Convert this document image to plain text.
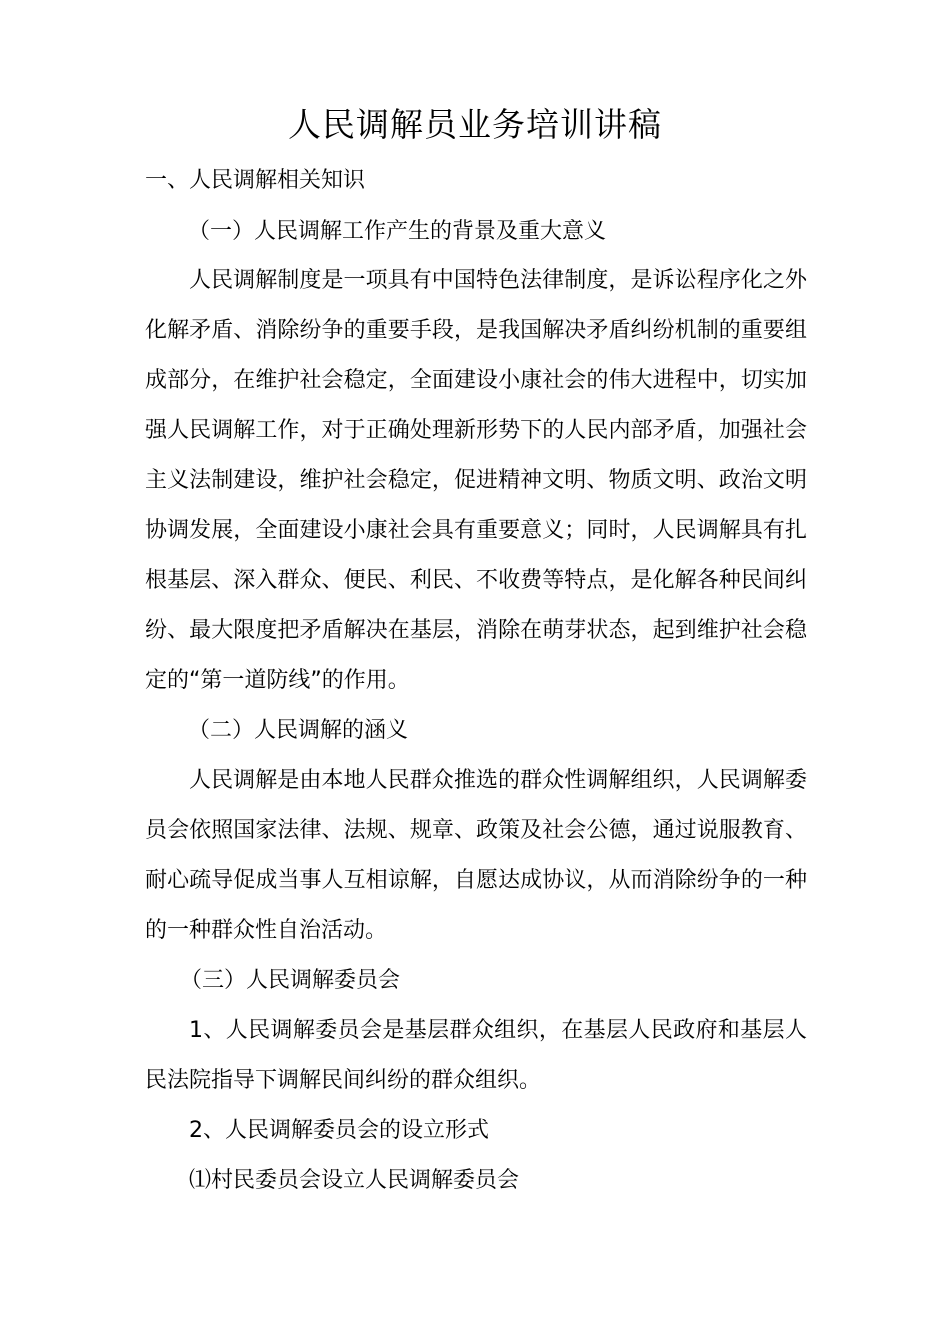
人民调解员业务培训讲稿
一、人民调解相关知识
（一）人民调解工作产生的背景及重大意义
人民调解制度是一项具有中国特色法律制度，是诉讼程序化之外
化解矛盾、消除纷争的重要手段，是我国解决矛盾纠纷机制的重要组
成部分，在维护社会稳定，全面建设小康社会的伟大进程中，切实加
强人民调解工作，对于正确处理新形势下的人民内部矛盾，加强社会
主义法制建设，维护社会稳定，促进精神文明、物质文明、政治文明
协调发展，全面建设小康社会具有重要意义；同时，人民调解具有扎
根基层、深入群众、便民、利民、不收费等特点，是化解各种民间纠
纷、最大限度把矛盾解决在基层，消除在萌芽状态，起到维护社会稳
定的“第一道防线”的作用。
（二）人民调解的涵义
人民调解是由本地人民群众推选的群众性调解组织，人民调解委
员会依照国家法律、法规、规章、政策及社会公德，通过说服教育、
耐心疏导促成当事人互相谅解，自愿达成协议，从而消除纷争的一种
的一种群众性自治活动。
（三）人民调解委员会
1、人民调解委员会是基层群众组织，在基层人民政府和基层人
民法院指导下调解民间纠纷的群众组织。
2、人民调解委员会的设立形式
⑴村民委员会设立人民调解委员会
